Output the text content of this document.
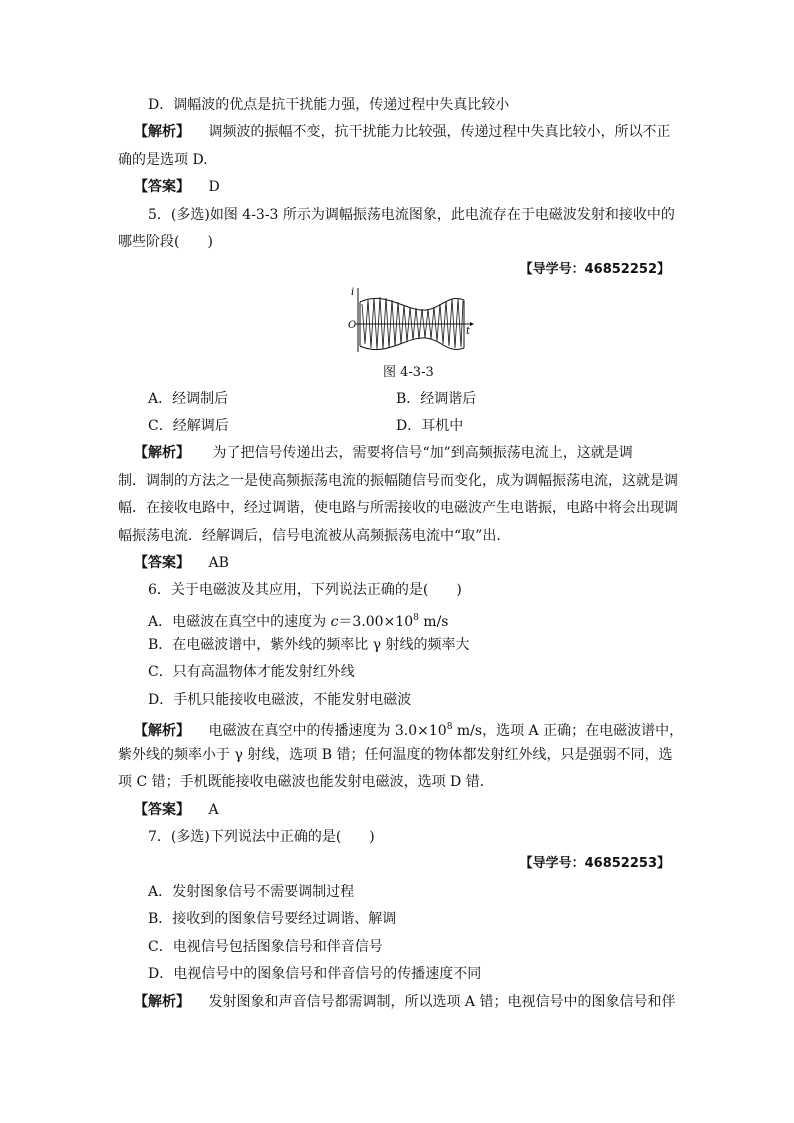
D．调幅波的优点是抗干扰能力强，传递过程中失真比较小
【解析】 调频波的振幅不变，抗干扰能力比较强，传递过程中失真比较小，所以不正
确的是选项 D.
【答案】 D
5．(多选)如图 4-3-3 所示为调幅振荡电流图象，此电流存在于电磁波发射和接收中的
哪些阶段(　　)
【导学号：46852252】
i
t
O
图 4-3-3
A．经调制后	B．经调谐后
C．经解调后	D．耳机中
【解析】 为了把信号传递出去，需要将信号“加”到高频振荡电流上，这就是调
制．调制的方法之一是使高频振荡电流的振幅随信号而变化，成为调幅振荡电流，这就是调
幅．在接收电路中，经过调谐，使电路与所需接收的电磁波产生电谐振，电路中将会出现调
幅振荡电流．经解调后，信号电流被从高频振荡电流中“取”出．
【答案】 AB
6．关于电磁波及其应用，下列说法正确的是(　　)
A．电磁波在真空中的速度为 $c=3.00\times 10^8$ m/s
B．在电磁波谱中，紫外线的频率比 γ 射线的频率大
C．只有高温物体才能发射红外线
D．手机只能接收电磁波，不能发射电磁波
【解析】 电磁波在真空中的传播速度为 $3.0\times 10^8$ m/s，选项 A 正确；在电磁波谱中，
紫外线的频率小于 γ 射线，选项 B 错；任何温度的物体都发射红外线，只是强弱不同，选
项 C 错；手机既能接收电磁波也能发射电磁波，选项 D 错．
【答案】 A
7．(多选)下列说法中正确的是(　　)
【导学号：46852253】
A．发射图象信号不需要调制过程
B．接收到的图象信号要经过调谐、解调
C．电视信号包括图象信号和伴音信号
D．电视信号中的图象信号和伴音信号的传播速度不同
【解析】 发射图象和声音信号都需调制，所以选项 A 错；电视信号中的图象信号和伴
